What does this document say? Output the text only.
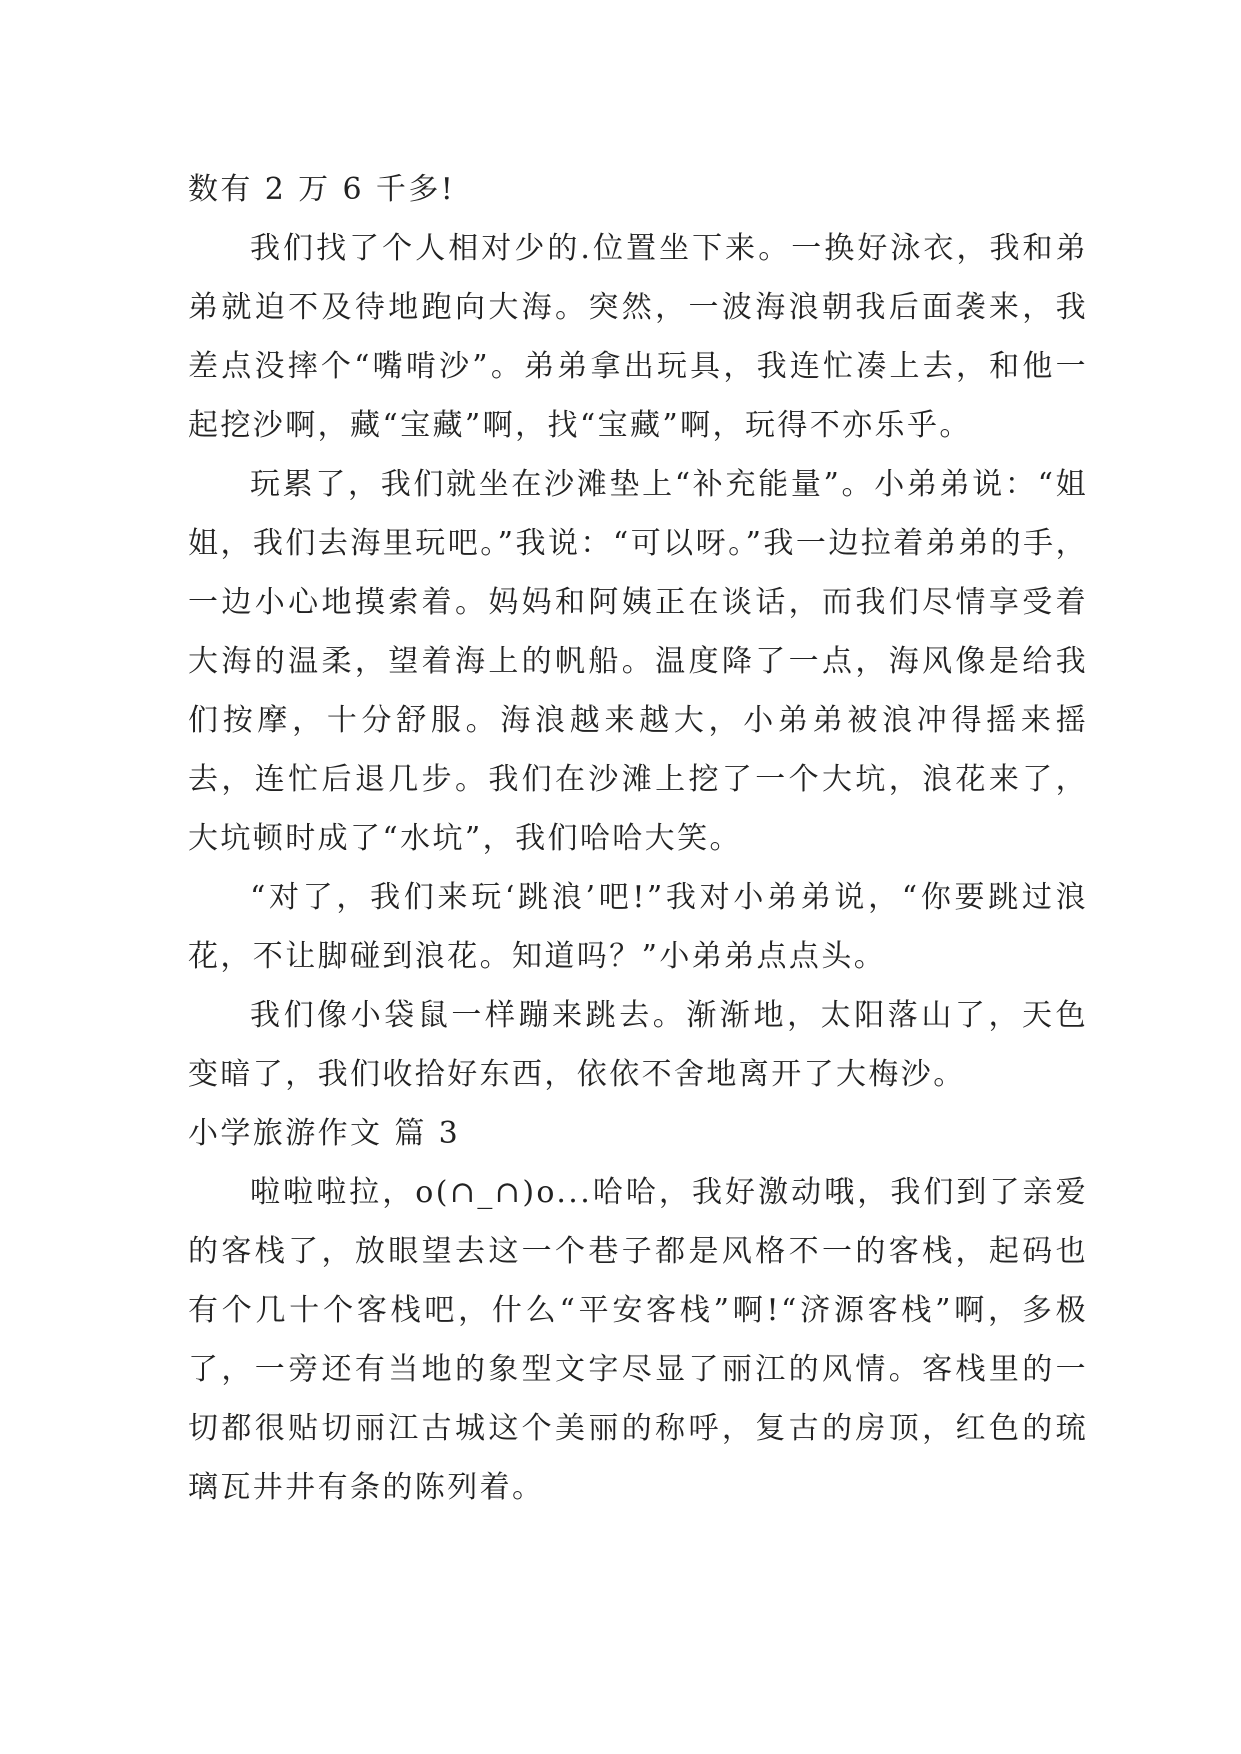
数有 2 万 6 千多!

我们找了个人相对少的.位置坐下来。一换好泳衣，我和弟弟就迫不及待地跑向大海。突然，一波海浪朝我后面袭来，我差点没摔个“嘴啃沙”。弟弟拿出玩具，我连忙凑上去，和他一起挖沙啊，藏“宝藏”啊，找“宝藏”啊，玩得不亦乐乎。

玩累了，我们就坐在沙滩垫上“补充能量”。小弟弟说：“姐姐，我们去海里玩吧。”我说：“可以呀。”我一边拉着弟弟的手，一边小心地摸索着。妈妈和阿姨正在谈话，而我们尽情享受着大海的温柔，望着海上的帆船。温度降了一点，海风像是给我们按摩，十分舒服。海浪越来越大，小弟弟被浪冲得摇来摇去，连忙后退几步。我们在沙滩上挖了一个大坑，浪花来了，大坑顿时成了“水坑”，我们哈哈大笑。

“对了，我们来玩‘跳浪’吧!”我对小弟弟说，“你要跳过浪花，不让脚碰到浪花。知道吗？”小弟弟点点头。

我们像小袋鼠一样蹦来跳去。渐渐地，太阳落山了，天色变暗了，我们收拾好东西，依依不舍地离开了大梅沙。

小学旅游作文 篇 3

啦啦啦拉，o(∩_∩)o...哈哈，我好激动哦，我们到了亲爱的客栈了，放眼望去这一个巷子都是风格不一的客栈，起码也有个几十个客栈吧，什么“平安客栈”啊!“济源客栈”啊，多极了，一旁还有当地的象型文字尽显了丽江的风情。客栈里的一切都很贴切丽江古城这个美丽的称呼，复古的房顶，红色的琉璃瓦井井有条的陈列着。
